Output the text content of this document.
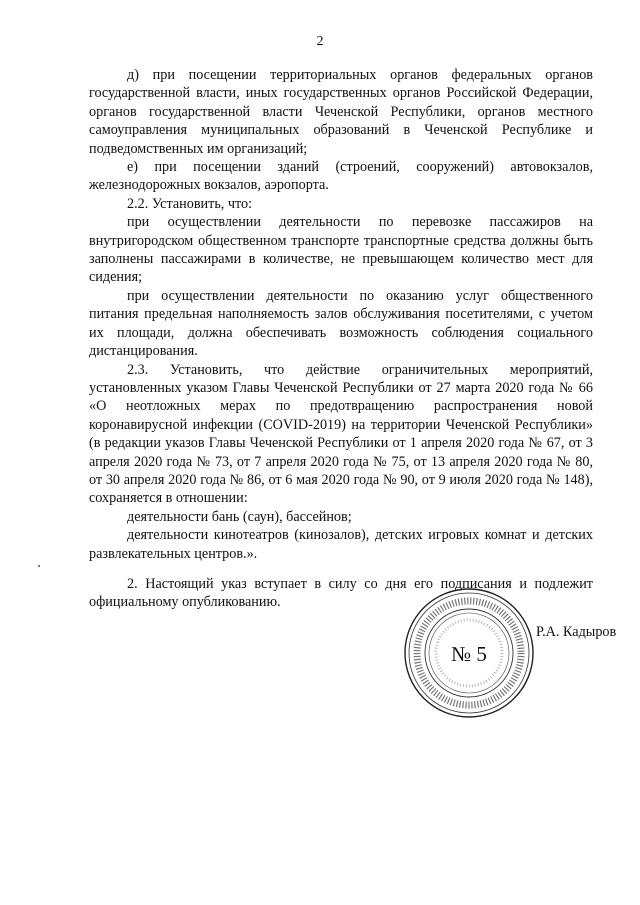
2

д) при посещении территориальных органов федеральных органов государственной власти, иных государственных органов Российской Федерации, органов государственной власти Чеченской Республики, органов местного самоуправления муниципальных образований в Чеченской Республике и подведомственных им организаций;

е) при посещении зданий (строений, сооружений) автовокзалов, железнодорожных вокзалов, аэропорта.

2.2. Установить, что:

при осуществлении деятельности по перевозке пассажиров на внутригородском общественном транспорте транспортные средства должны быть заполнены пассажирами в количестве, не превышающем количество мест для сидения;

при осуществлении деятельности по оказанию услуг общественного питания предельная наполняемость залов обслуживания посетителями, с учетом их площади, должна обеспечивать возможность соблюдения социального дистанцирования.

2.3. Установить, что действие ограничительных мероприятий, установленных указом Главы Чеченской Республики от 27 марта 2020 года № 66 «О неотложных мерах по предотвращению распространения новой коронавирусной инфекции (COVID-2019) на территории Чеченской Республики» (в редакции указов Главы Чеченской Республики от 1 апреля 2020 года № 67, от 3 апреля 2020 года № 73, от 7 апреля 2020 года № 75, от 13 апреля 2020 года № 80, от 30 апреля 2020 года № 86, от 6 мая 2020 года № 90, от 9 июля 2020 года № 148), сохраняется в отношении:

деятельности бань (саун), бассейнов;

деятельности кинотеатров (кинозалов), детских игровых комнат и детских развлекательных центров.».

2. Настоящий указ вступает в силу со дня его подписания и подлежит официальному опубликованию.

№ 5
Р.А. Кадыров
